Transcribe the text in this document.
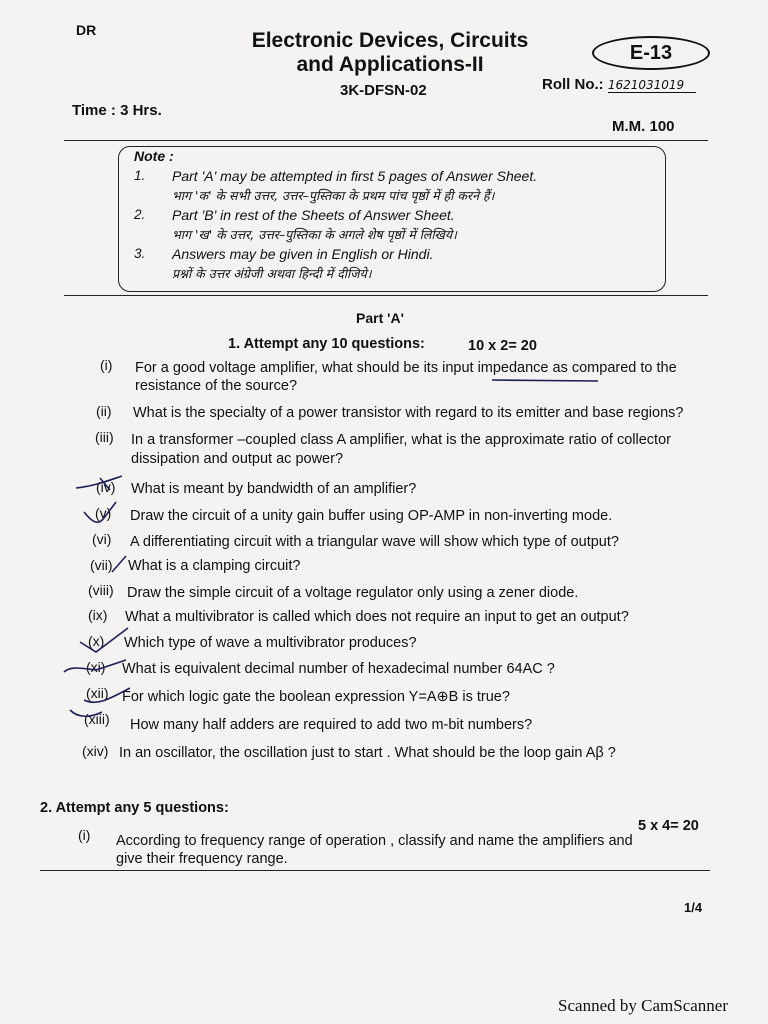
DR	Electronic Devices, Circuits
and Applications-II	E-13
3K-DFSN-02	Roll No.: 1621031019
Time : 3 Hrs.
M.M. 100
Note :
1. Part 'A' may be attempted in first 5 pages of Answer Sheet.
भाग 'क' के सभी उत्तर, उत्तर–पुस्तिका के प्रथम पांच पृष्ठों में ही करने हैं।
2. Part 'B' in rest of the Sheets of Answer Sheet.
भाग 'ख' के उत्तर, उत्तर–पुस्तिका के अगले शेष पृष्ठों में लिखिये।
3. Answers may be given in English or Hindi.
प्रश्नों के उत्तर अंग्रेजी अथवा हिन्दी में दीजिये।
Part 'A'
1. Attempt any 10 questions:	10 x 2= 20
(i) For a good voltage amplifier, what should be its input impedance as compared to the
resistance of the source?
(ii) What is the specialty of a power transistor with regard to its emitter and base regions?
(iii) In a transformer –coupled class A amplifier, what is the approximate ratio of collector
dissipation and output ac power?
(iv) What is meant by bandwidth of an amplifier?
(v) Draw the circuit of a unity gain buffer using OP-AMP in non-inverting mode.
(vi) A differentiating circuit with a triangular wave will show which type of output?
(vii) What is a clamping circuit?
(viii) Draw the simple circuit of a voltage regulator only using a zener diode.
(ix) What a multivibrator is called which does not require an input to get an output?
(x) Which type of wave a multivibrator produces?
(xi) What is equivalent decimal number of hexadecimal number 64AC ?
(xii) For which logic gate the boolean expression Y=A⊕B is true?
(xiii) How many half adders are required to add two m-bit numbers?
(xiv) In an oscillator, the oscillation just to start . What should be the loop gain Aβ ?
2. Attempt any 5 questions:
5 x 4= 20
(i) According to frequency range of operation , classify and name the amplifiers and
give their frequency range.
1/4
Scanned by CamScanner
